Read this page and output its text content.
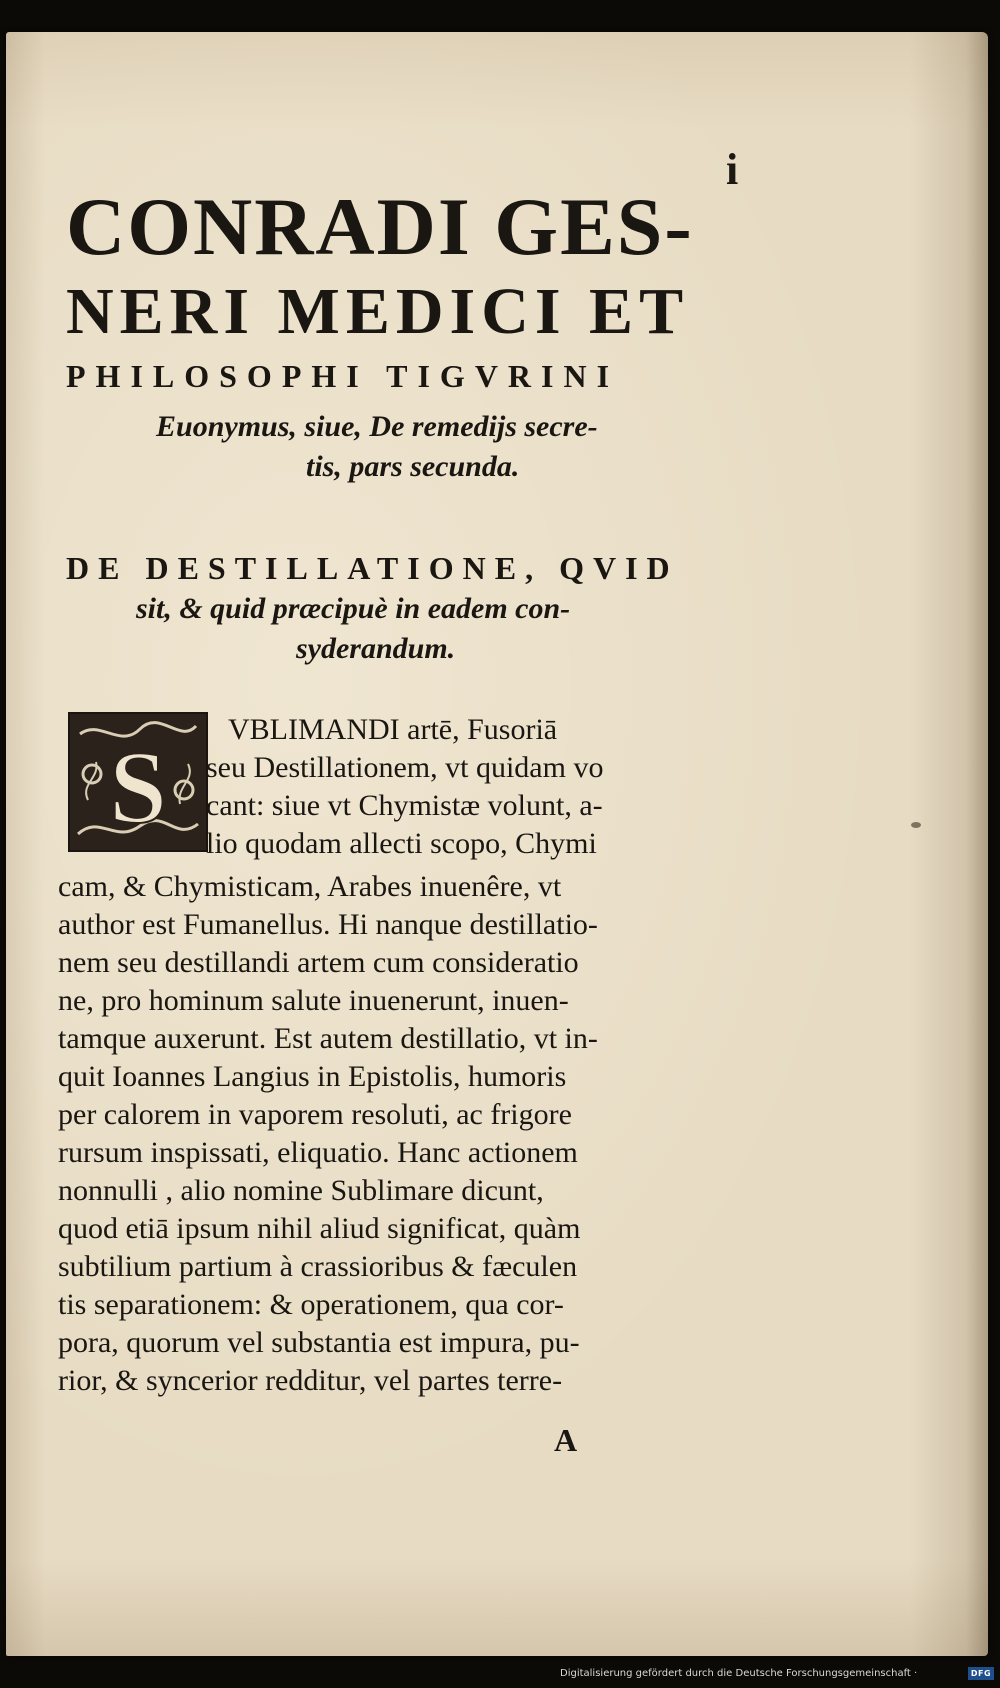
i
CONRADI GES-
NERI MEDICI ET
PHILOSOPHI TIGVRINI
Euonymus, siue, De remedijs secre-
tis, pars secunda.
DE DESTILLATIONE, QVID
sit, & quid præcipuè in eadem con-
syderandum.
S
VBLIMANDI artē, Fusoriā
seu Destillationem, vt quidam vo
cant: siue vt Chymistæ volunt, a-
lio quodam allecti scopo, Chymi
cam, & Chymisticam, Arabes inuenêre, vt
author est Fumanellus. Hi nanque destillatio-
nem seu destillandi artem cum consideratio
ne, pro hominum salute inuenerunt, inuen-
tamque auxerunt. Est autem destillatio, vt in-
quit Ioannes Langius in Epistolis, humoris
per calorem in vaporem resoluti, ac frigore
rursum inspissati, eliquatio. Hanc actionem
nonnulli , alio nomine Sublimare dicunt,
quod etiā ipsum nihil aliud significat, quàm
subtilium partium à crassioribus & fæculen
tis separationem: & operationem, qua cor-
pora, quorum vel substantia est impura, pu-
rior, & syncerior redditur, vel partes terre-
A
Digitalisierung gefördert durch die Deutsche Forschungsgemeinschaft ·	DFG
